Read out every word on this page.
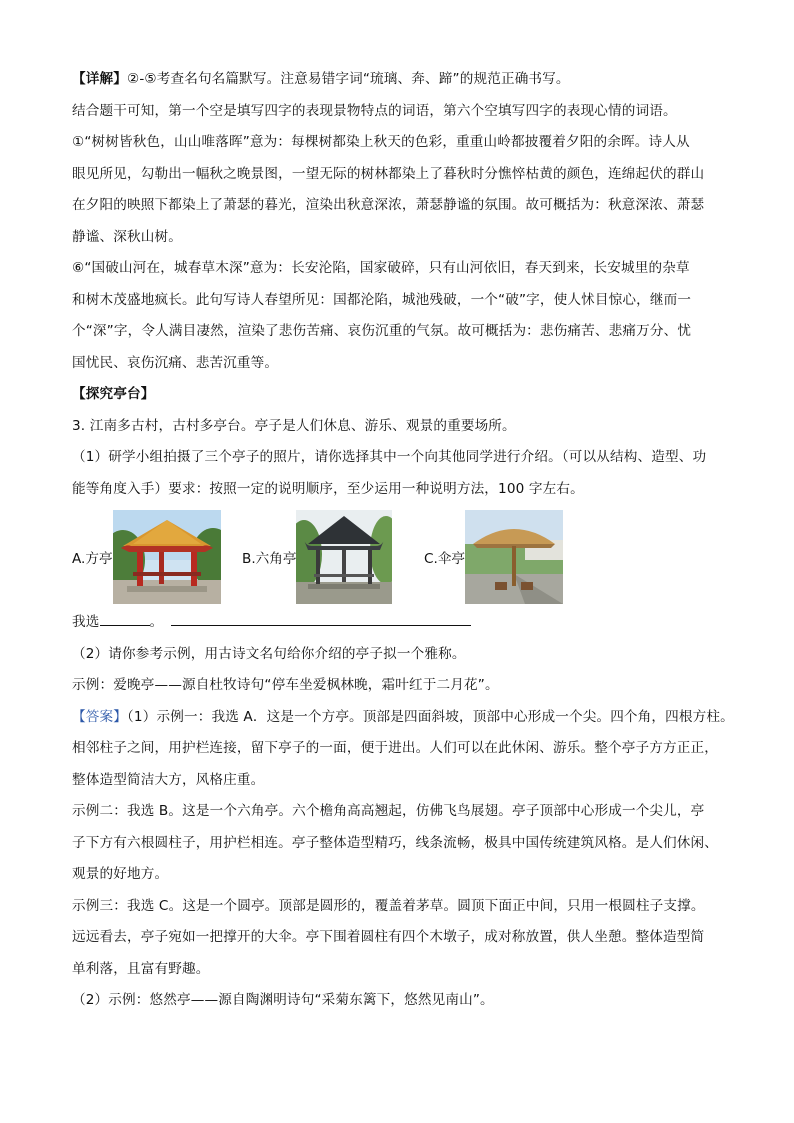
【详解】②-⑤考查名句名篇默写。注意易错字词“琉璃、奔、蹄”的规范正确书写。
结合题干可知，第一个空是填写四字的表现景物特点的词语，第六个空填写四字的表现心情的词语。
①“树树皆秋色，山山唯落晖”意为：每棵树都染上秋天的色彩，重重山岭都披覆着夕阳的余晖。诗人从
眼见所见，勾勒出一幅秋之晚景图，一望无际的树林都染上了暮秋时分憔悴枯黄的颜色，连绵起伏的群山
在夕阳的映照下都染上了萧瑟的暮光，渲染出秋意深浓，萧瑟静谧的氛围。故可概括为：秋意深浓、萧瑟
静谧、深秋山树。
⑥“国破山河在，城春草木深”意为：长安沦陷，国家破碎，只有山河依旧，春天到来，长安城里的杂草
和树木茂盛地疯长。此句写诗人春望所见：国都沦陷，城池残破，一个“破”字，使人怵目惊心，继而一
个“深”字，令人满目凄然，渲染了悲伤苦痛、哀伤沉重的气氛。故可概括为：悲伤痛苦、悲痛万分、忧
国忧民、哀伤沉痛、悲苦沉重等。
【探究亭台】
3. 江南多古村，古村多亭台。亭子是人们休息、游乐、观景的重要场所。
（1）研学小组拍摄了三个亭子的照片，请你选择其中一个向其他同学进行介绍。（可以从结构、造型、功
能等角度入手）要求：按照一定的说明顺序，至少运用一种说明方法，100 字左右。
A.方亭	B.六角亭	C.伞亭
我选	。
（2）请你参考示例，用古诗文名句给你介绍的亭子拟一个雅称。
示例：爱晚亭——源自杜牧诗句“停车坐爱枫林晚，霜叶红于二月花”。
【答案】（1）示例一：我选 A．这是一个方亭。顶部是四面斜坡，顶部中心形成一个尖。四个角，四根方柱。
相邻柱子之间，用护栏连接，留下亭子的一面，便于进出。人们可以在此休闲、游乐。整个亭子方方正正，
整体造型简洁大方，风格庄重。
示例二：我选 B。这是一个六角亭。六个檐角高高翘起，仿佛飞鸟展翅。亭子顶部中心形成一个尖儿，亭
子下方有六根圆柱子，用护栏相连。亭子整体造型精巧，线条流畅，极具中国传统建筑风格。是人们休闲、
观景的好地方。
示例三：我选 C。这是一个圆亭。顶部是圆形的，覆盖着茅草。圆顶下面正中间，只用一根圆柱子支撑。
远远看去，亭子宛如一把撑开的大伞。亭下围着圆柱有四个木墩子，成对称放置，供人坐憩。整体造型简
单利落，且富有野趣。
（2）示例：悠然亭——源自陶渊明诗句“采菊东篱下，悠然见南山”。
